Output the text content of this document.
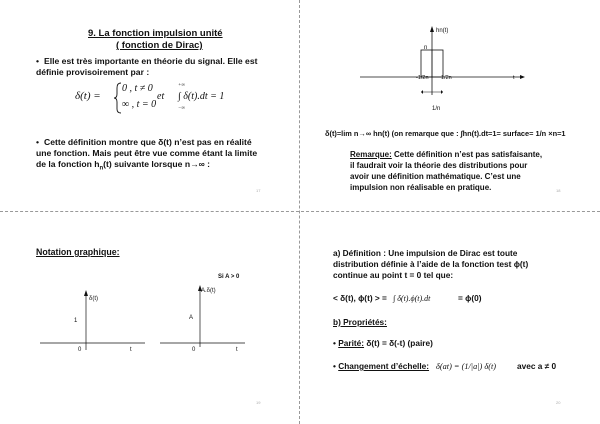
9. La fonction impulsion unité
( fonction de Dirac)
• Elle est très importante en théorie du signal. Elle est
définie provisoirement par :
δ(t) =
0 , t ≠ 0
∞ , t = 0
et
+∞
∫ δ(t).dt = 1
−∞
• Cette définition montre que δ(t) n’est pas en réalité
une fonction. Mais peut être vue comme étant la limite
de la fonction $h_n(t)$ suivante lorsque n→∞ :
17
hn(t)
n
-1/2n 1/2n	t
1/n
δ(t)=lim n→∞ hn(t) (on remarque que : ∫hn(t).dt=1= surface= 1/n ×n=1
Remarque: Cette définition n’est pas satisfaisante,
il faudrait voir la théorie des distributions pour
avoir une définition mathématique. C’est une
impulsion non réalisable en pratique.	18
Notation graphique:
Si A > 0
δ(t)
1
0	t
A.δ(t)
A
0	t
19
a) Définition : Une impulsion de Dirac est toute
distribution définie à l’aide de la fonction test ϕ(t)
continue au point t = 0 tel que:
< δ(t), ϕ(t) > = ∫ δ(t).ϕ(t).dt	= ϕ(0)
b) Propriétés:
• Parité: δ(t) = δ(-t) (paire)
• Changement d’échelle: δ(at) = (1/|a|) δ(t)	avec a ≠ 0
20
